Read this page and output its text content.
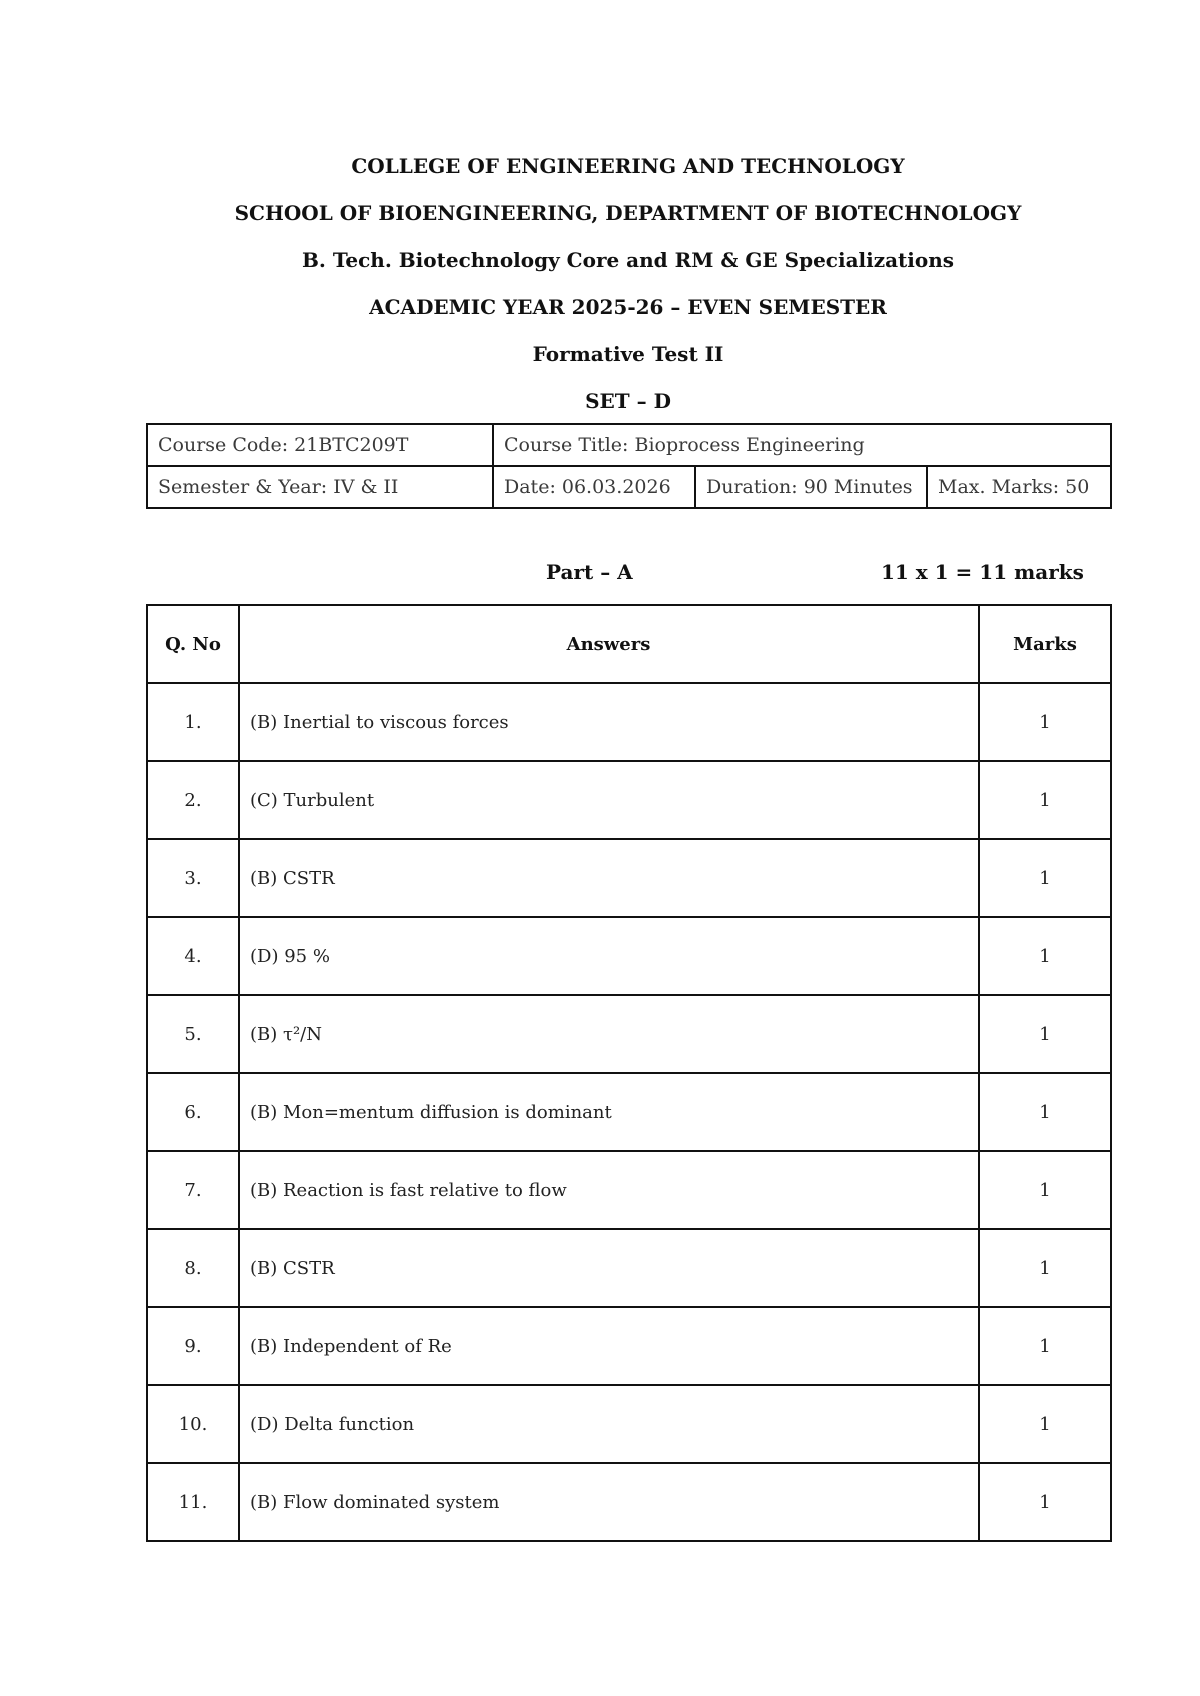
COLLEGE OF ENGINEERING AND TECHNOLOGY
SCHOOL OF BIOENGINEERING, DEPARTMENT OF BIOTECHNOLOGY
B. Tech. Biotechnology Core and RM & GE Specializations
ACADEMIC YEAR 2025-26 – EVEN SEMESTER
Formative Test II
SET – D
Course Code: 21BTC209T	Course Title: Bioprocess Engineering		
Semester & Year: IV & II	Date: 06.03.2026	Duration: 90 Minutes	Max. Marks: 50
Part – A	11 x 1 = 11 marks
Q. No	Answers	Marks
1.	(B) Inertial to viscous forces	1
2.	(C) Turbulent	1
3.	(B) CSTR	1
4.	(D) 95 %	1
5.	(B) τ²/N	1
6.	(B) Mon=mentum diffusion is dominant	1
7.	(B) Reaction is fast relative to flow	1
8.	(B) CSTR	1
9.	(B) Independent of Re	1
10.	(D) Delta function	1
11.	(B) Flow dominated system	1
